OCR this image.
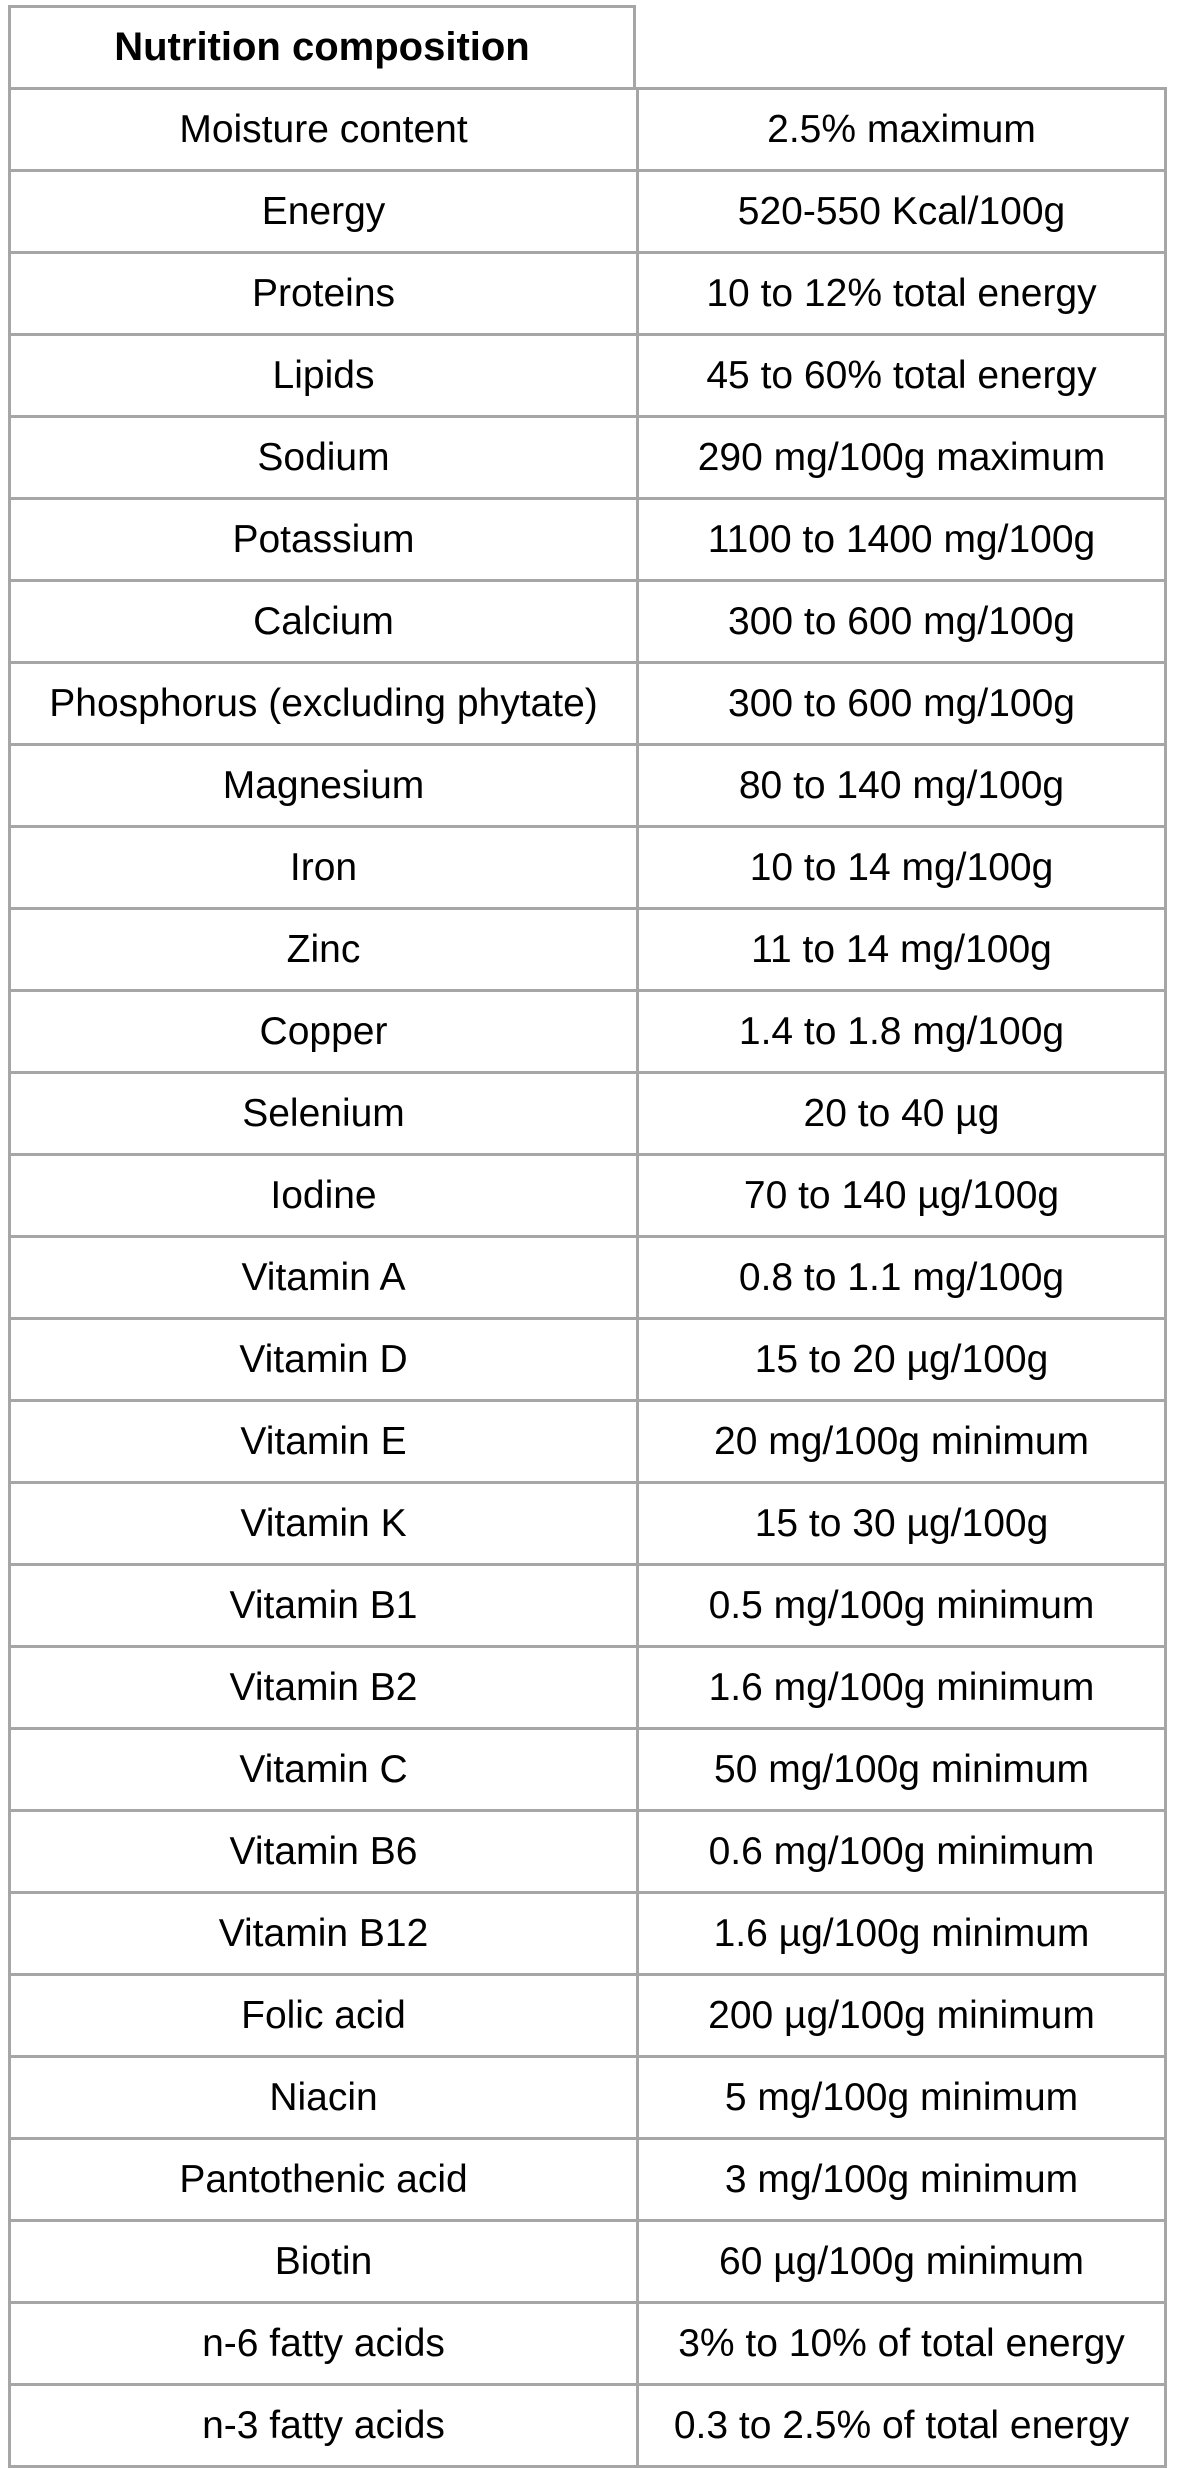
Nutrition composition
Moisture content	2.5% maximum
Energy	520-550 Kcal/100g
Proteins	10 to 12% total energy
Lipids	45 to 60% total energy
Sodium	290 mg/100g maximum
Potassium	1100 to 1400 mg/100g
Calcium	300 to 600 mg/100g
Phosphorus (excluding phytate)	300 to 600 mg/100g
Magnesium	80 to 140 mg/100g
Iron	10 to 14 mg/100g
Zinc	11 to 14 mg/100g
Copper	1.4 to 1.8 mg/100g
Selenium	20 to 40 µg
Iodine	70 to 140 µg/100g
Vitamin A	0.8 to 1.1 mg/100g
Vitamin D	15 to 20 µg/100g
Vitamin E	20 mg/100g minimum
Vitamin K	15 to 30 µg/100g
Vitamin B1	0.5 mg/100g minimum
Vitamin B2	1.6 mg/100g minimum
Vitamin C	50 mg/100g minimum
Vitamin B6	0.6 mg/100g minimum
Vitamin B12	1.6 µg/100g minimum
Folic acid	200 µg/100g minimum
Niacin	5 mg/100g minimum
Pantothenic acid	3 mg/100g minimum
Biotin	60 µg/100g minimum
n-6 fatty acids	3% to 10% of total energy
n-3 fatty acids	0.3 to 2.5% of total energy
